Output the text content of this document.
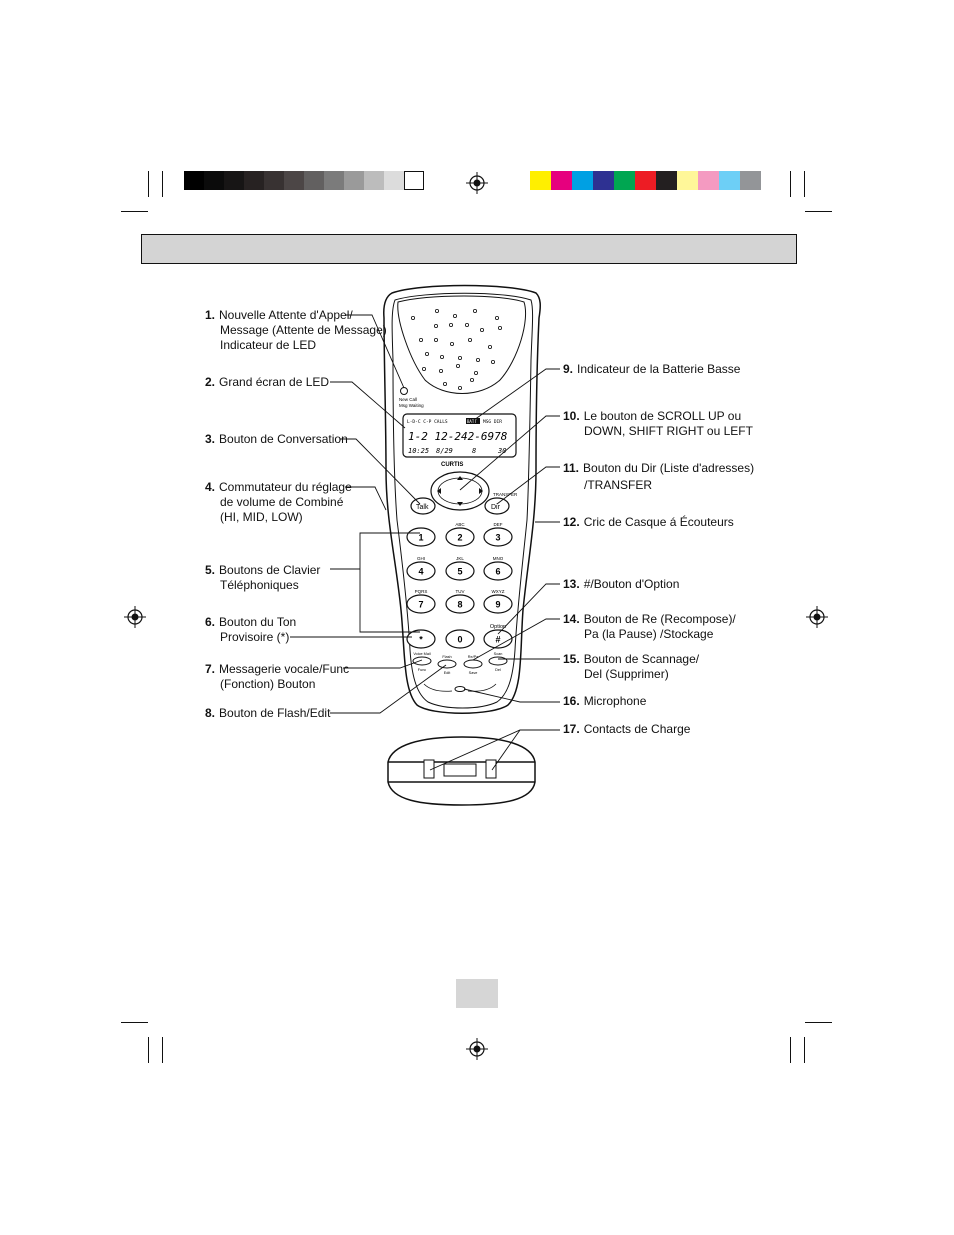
New Call
Msg Waiting
L-D-C C-P CALLS	BATT MSG DIR
1-2 12-242-6978
10:25 8/29	8	30
CURTIS
Talk	Dir
TRANSFER
1	2
ABC
3
DEF
4
GHI
5
JKL
6
MNO
7
PQRS
8
TUV
9
WXYZ
*	0	#
Option
Voice Mail
Func
Flash
Edit
Re/Pa
Save
Scan
Del
1. Nouvelle Attente d'Appel/
Message (Attente de Message)
Indicateur de LED
2. Grand écran de LED
3. Bouton de Conversation
4. Commutateur du réglage
de volume de Combiné
(HI, MID, LOW)
5. Boutons de Clavier
Téléphoniques
6. Bouton du Ton
Provisoire (*)
7. Messagerie vocale/Func
(Fonction) Bouton
8. Bouton de Flash/Edit
9. Indicateur de la Batterie Basse
10. Le bouton de SCROLL UP ou
DOWN, SHIFT RIGHT ou LEFT
11. Bouton du Dir (Liste d'adresses)
/TRANSFER
12. Cric de Casque á Écouteurs
13. #/Bouton d'Option
14. Bouton de Re (Recompose)/
Pa (la Pause) /Stockage
15. Bouton de Scannage/
Del (Supprimer)
16. Microphone
17. Contacts de Charge
